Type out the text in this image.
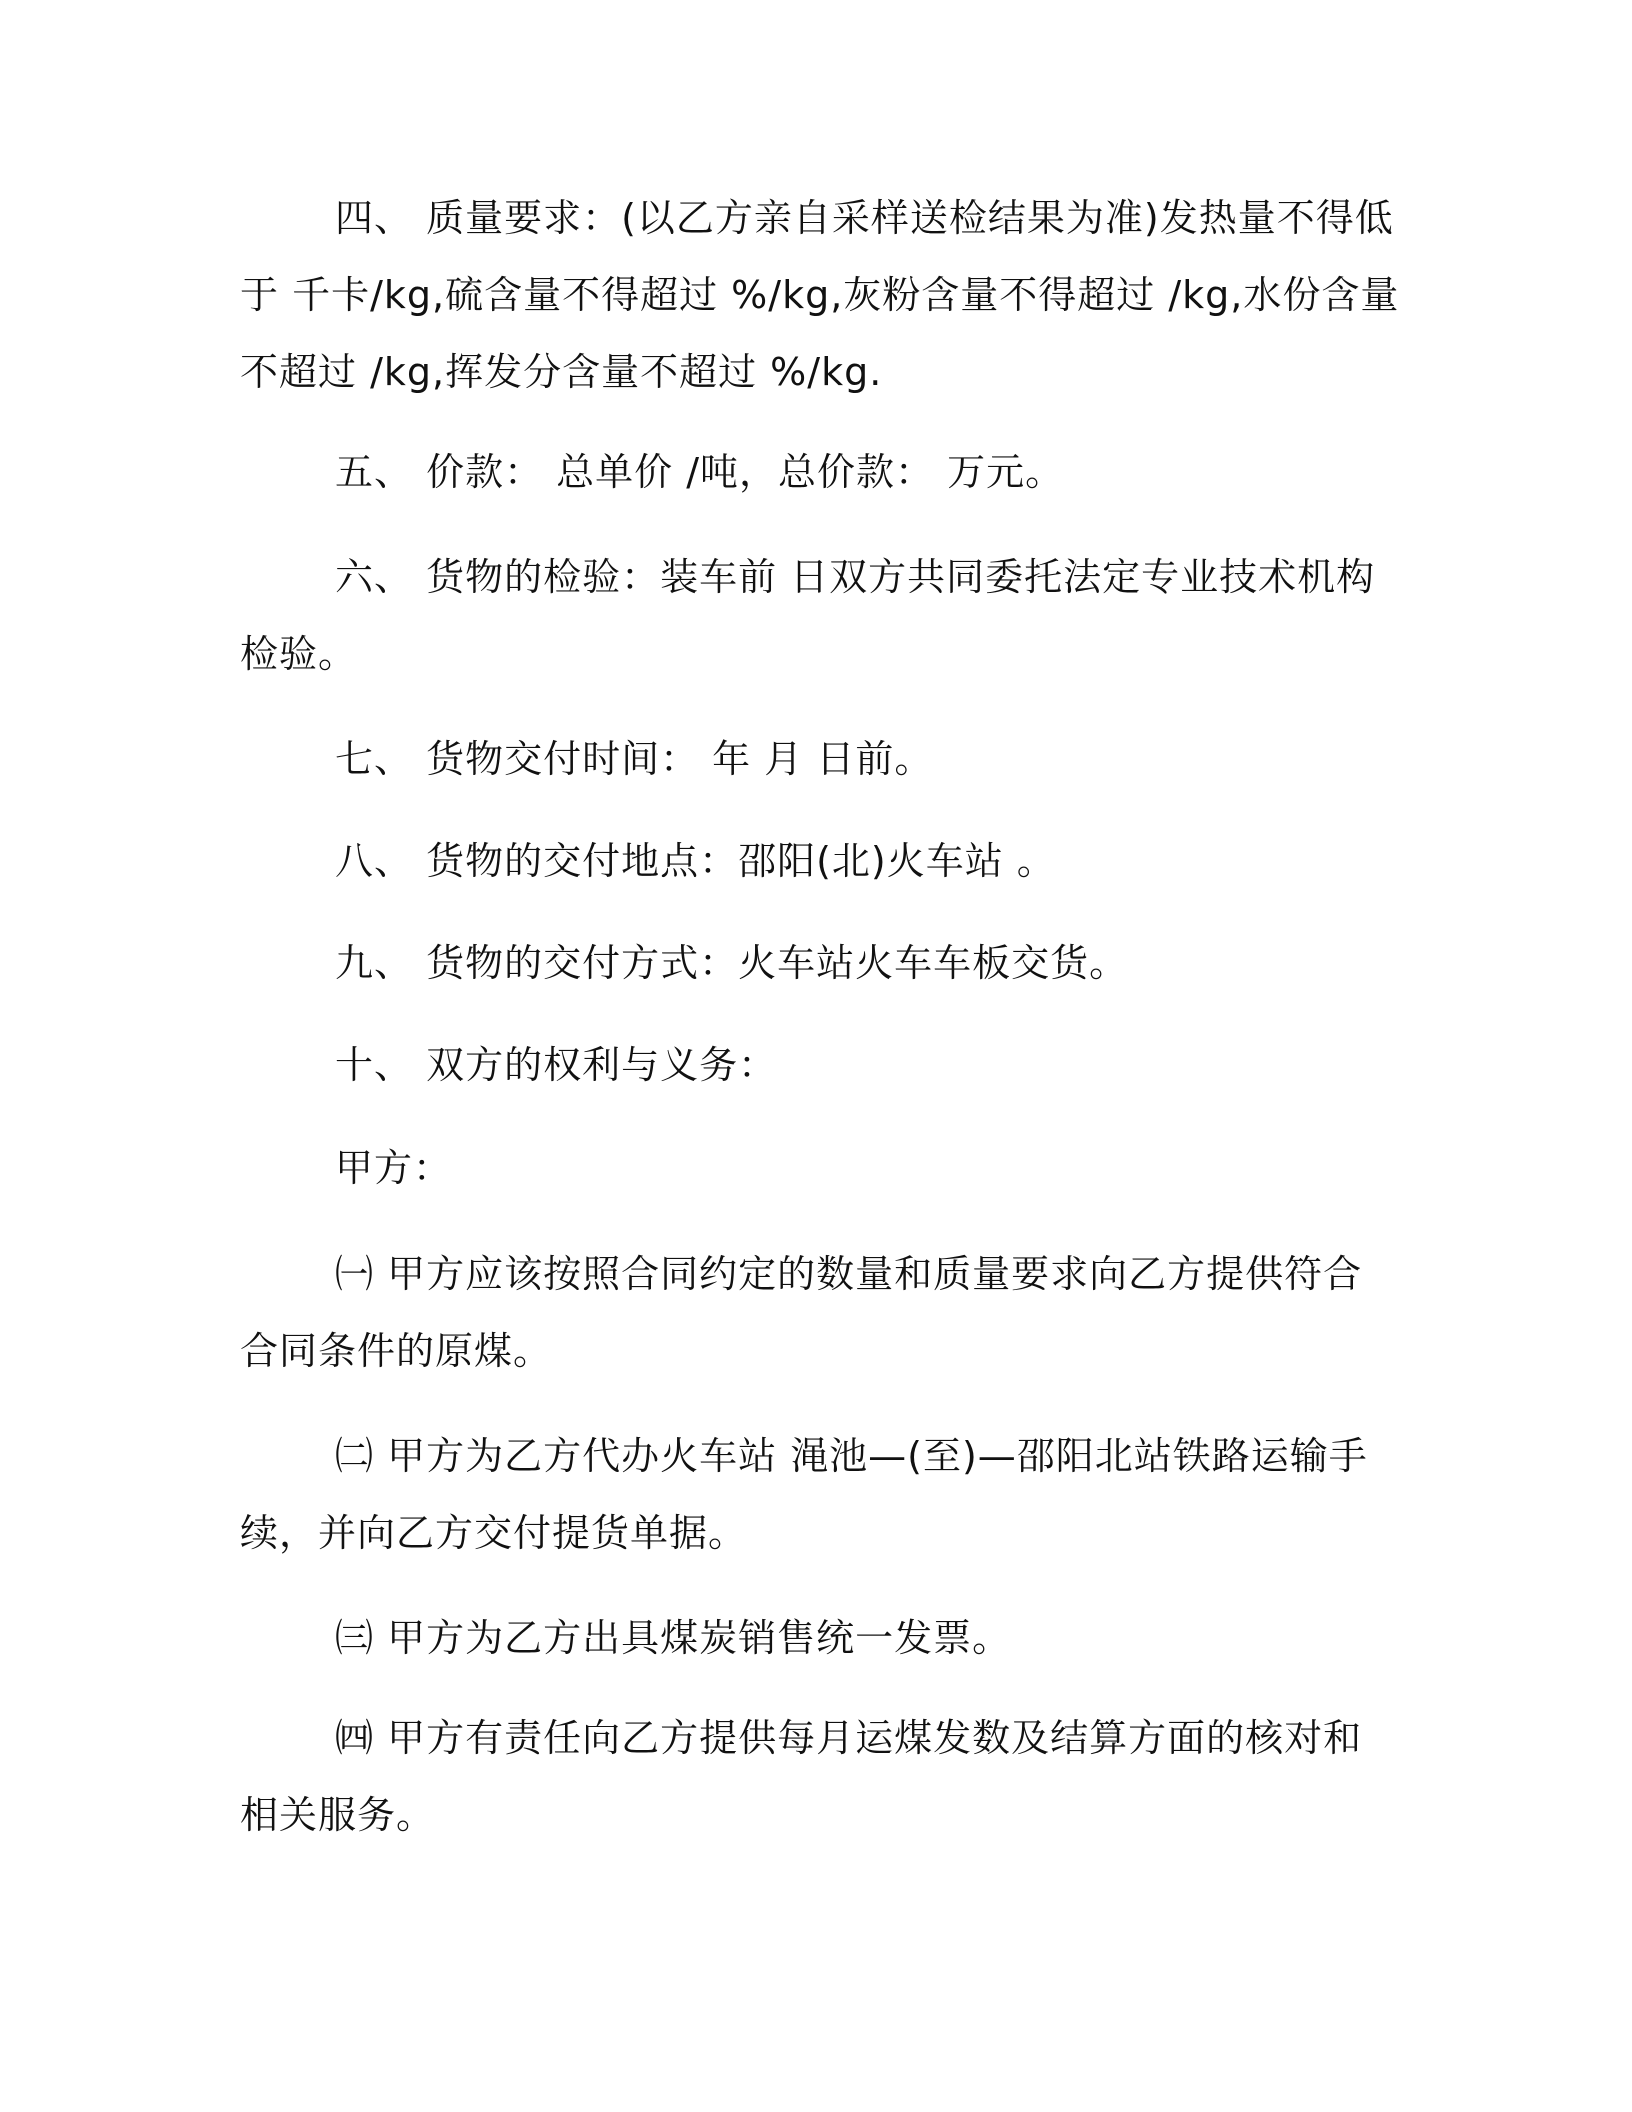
四、 质量要求：(以乙方亲自采样送检结果为准)发热量不得低于 千卡/kg,硫含量不得超过 %/kg,灰粉含量不得超过 /kg,水份含量不超过 /kg,挥发分含量不超过 %/kg.
五、 价款： 总单价 /吨，总价款： 万元。
六、 货物的检验：装车前 日双方共同委托法定专业技术机构检验。
七、 货物交付时间： 年 月 日前。
八、 货物的交付地点：邵阳(北)火车站 。
九、 货物的交付方式：火车站火车车板交货。
十、 双方的权利与义务：
甲方：
㈠ 甲方应该按照合同约定的数量和质量要求向乙方提供符合合同条件的原煤。
㈡ 甲方为乙方代办火车站 渑池—(至)—邵阳北站铁路运输手续，并向乙方交付提货单据。
㈢ 甲方为乙方出具煤炭销售统一发票。
㈣ 甲方有责任向乙方提供每月运煤发数及结算方面的核对和相关服务。
